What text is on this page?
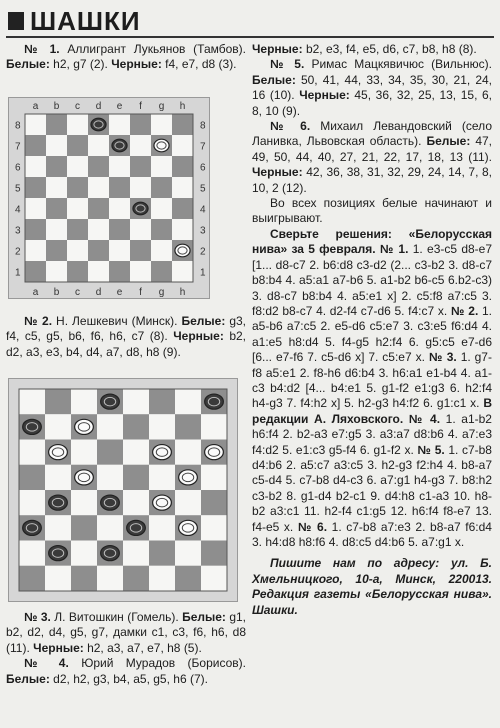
ШАШКИ

№ 1. Аллигрант Лукьянов (Тамбов). Белые: h2, g7 (2). Черные: f4, e7, d8 (3).

a
a
b
b
c
c
d
d
e
e
f
f
g
g
h
h
8	8
7	7
6	6
5	5
4	4
3	3
2	2
1	1

№ 2. Н. Лешкевич (Минск). Белые: g3, f4, c5, g5, b6, f6, h6, c7 (8). Черные: b2, d2, a3, e3, b4, d4, a7, d8, h8 (9).

№ 3. Л. Витошкин (Гомель). Белые: g1, b2, d2, d4, g5, g7, дамки c1, c3, f6, h6, d8 (11). Черные: h2, a3, a7, e7, h8 (5).

№ 4. Юрий Мурадов (Борисов). Белые: d2, h2, g3, b4, a5, g5, h6 (7).

Черные: b2, e3, f4, e5, d6, c7, b8, h8 (8).

№ 5. Римас Мацкявичюс (Вильнюс). Белые: 50, 41, 44, 33, 34, 35, 30, 21, 24, 16 (10). Черные: 45, 36, 32, 25, 13, 15, 6, 8, 10 (9).

№ 6. Михаил Левандовский (село Ланивка, Львовская область). Белые: 47, 49, 50, 44, 40, 27, 21, 22, 17, 18, 13 (11). Черные: 42, 36, 38, 31, 32, 29, 24, 14, 7, 8, 10, 2 (12).

Во всех позициях белые начинают и выигрывают.

Сверьте решения: «Белорусская нива» за 5 февраля. № 1. 1. e3-c5 d8-e7 [1... d8-c7 2. b6:d8 c3-d2 (2... c3-b2 3. d8-c7 b8:b4 4. a5:a1 a7-b6 5. a1-b2 b6-c5 6.b2-c3) 3. d8-c7 b8:b4 4. a5:e1 x] 2. c5:f8 a7:c5 3. f8:d2 b8-c7 4. d2-f4 c7-d6 5. f4:c7 x. № 2. 1. a5-b6 a7:c5 2. e5-d6 c5:e7 3. c3:e5 f6:d4 4. a1:e5 h8:d4 5. f4-g5 h2:f4 6. g5:c5 e7-d6 [6... e7-f6 7. c5-d6 x] 7. c5:e7 x. № 3. 1. g7-f8 a5:e1 2. f8-h6 d6:b4 3. h6:a1 e1-b4 4. a1-c3 b4:d2 [4... b4:e1 5. g1-f2 e1:g3 6. h2:f4 h4-g3 7. f4:h2 x] 5. h2-g3 h4:f2 6. g1:c1 x. В редакции А. Ляховского. № 4. 1. a1-b2 h6:f4 2. b2-a3 e7:g5 3. a3:a7 d8:b6 4. a7:e3 f4:d2 5. e1:c3 g5-f4 6. g1-f2 x. № 5. 1. c7-b8 d4:b6 2. a5:c7 a3:c5 3. h2-g3 f2:h4 4. b8-a7 c5-d4 5. c7-b8 d4-c3 6. a7:g1 h4-g3 7. b8:h2 c3-b2 8. g1-d4 b2-c1 9. d4:h8 c1-a3 10. h8-b2 a3:c1 11. h2-f4 c1:g5 12. h6:f4 f8-e7 13. f4-e5 x. № 6. 1. c7-b8 a7:e3 2. b8-a7 f6:d4 3. h4:d8 h8:f6 4. d8:c5 d4:b6 5. a7:g1 x.

Пишите нам по адресу: ул. Б. Хмельницкого, 10-а, Минск, 220013. Редакция газеты «Белорусская нива». Шашки.
